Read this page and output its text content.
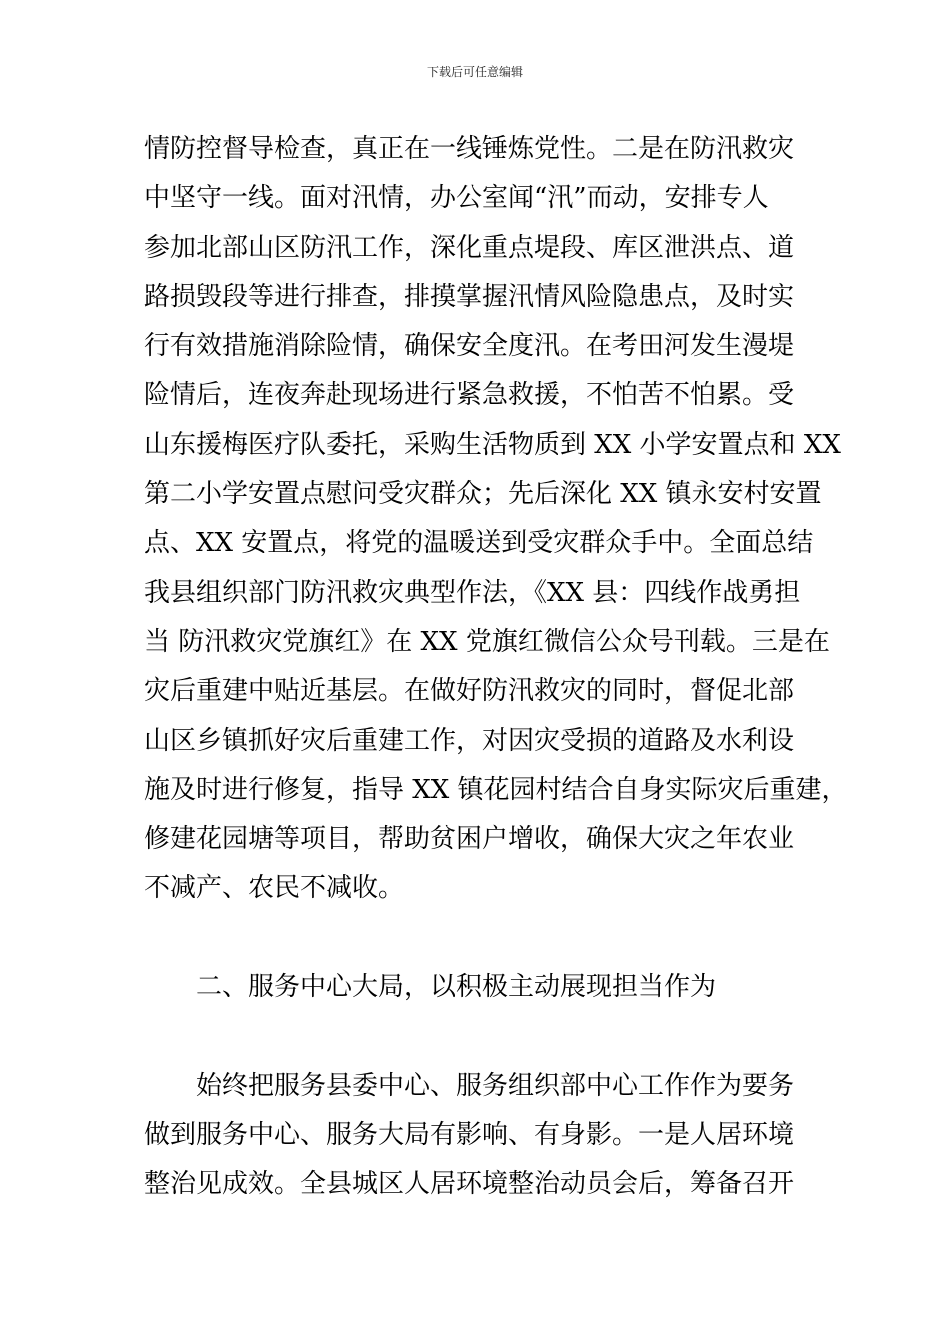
下载后可任意编辑
情防控督导检查，真正在一线锤炼党性。二是在防汛救灾
中坚守一线。面对汛情，办公室闻“汛”而动，安排专人
参加北部山区防汛工作，深化重点堤段、库区泄洪点、道
路损毁段等进行排查，排摸掌握汛情风险隐患点，及时实
行有效措施消除险情，确保安全度汛。在考田河发生漫堤
险情后，连夜奔赴现场进行紧急救援，不怕苦不怕累。受
山东援梅医疗队委托，采购生活物质到 XX 小学安置点和 XX
第二小学安置点慰问受灾群众；先后深化 XX 镇永安村安置
点、XX 安置点，将党的温暖送到受灾群众手中。全面总结
我县组织部门防汛救灾典型作法，《XX 县：四线作战勇担
当 防汛救灾党旗红》在 XX 党旗红微信公众号刊载。三是在
灾后重建中贴近基层。在做好防汛救灾的同时，督促北部
山区乡镇抓好灾后重建工作，对因灾受损的道路及水利设
施及时进行修复，指导 XX 镇花园村结合自身实际灾后重建，
修建花园塘等项目，帮助贫困户增收，确保大灾之年农业
不减产、农民不减收。
二、服务中心大局，以积极主动展现担当作为
始终把服务县委中心、服务组织部中心工作作为要务
做到服务中心、服务大局有影响、有身影。一是人居环境
整治见成效。全县城区人居环境整治动员会后，筹备召开
